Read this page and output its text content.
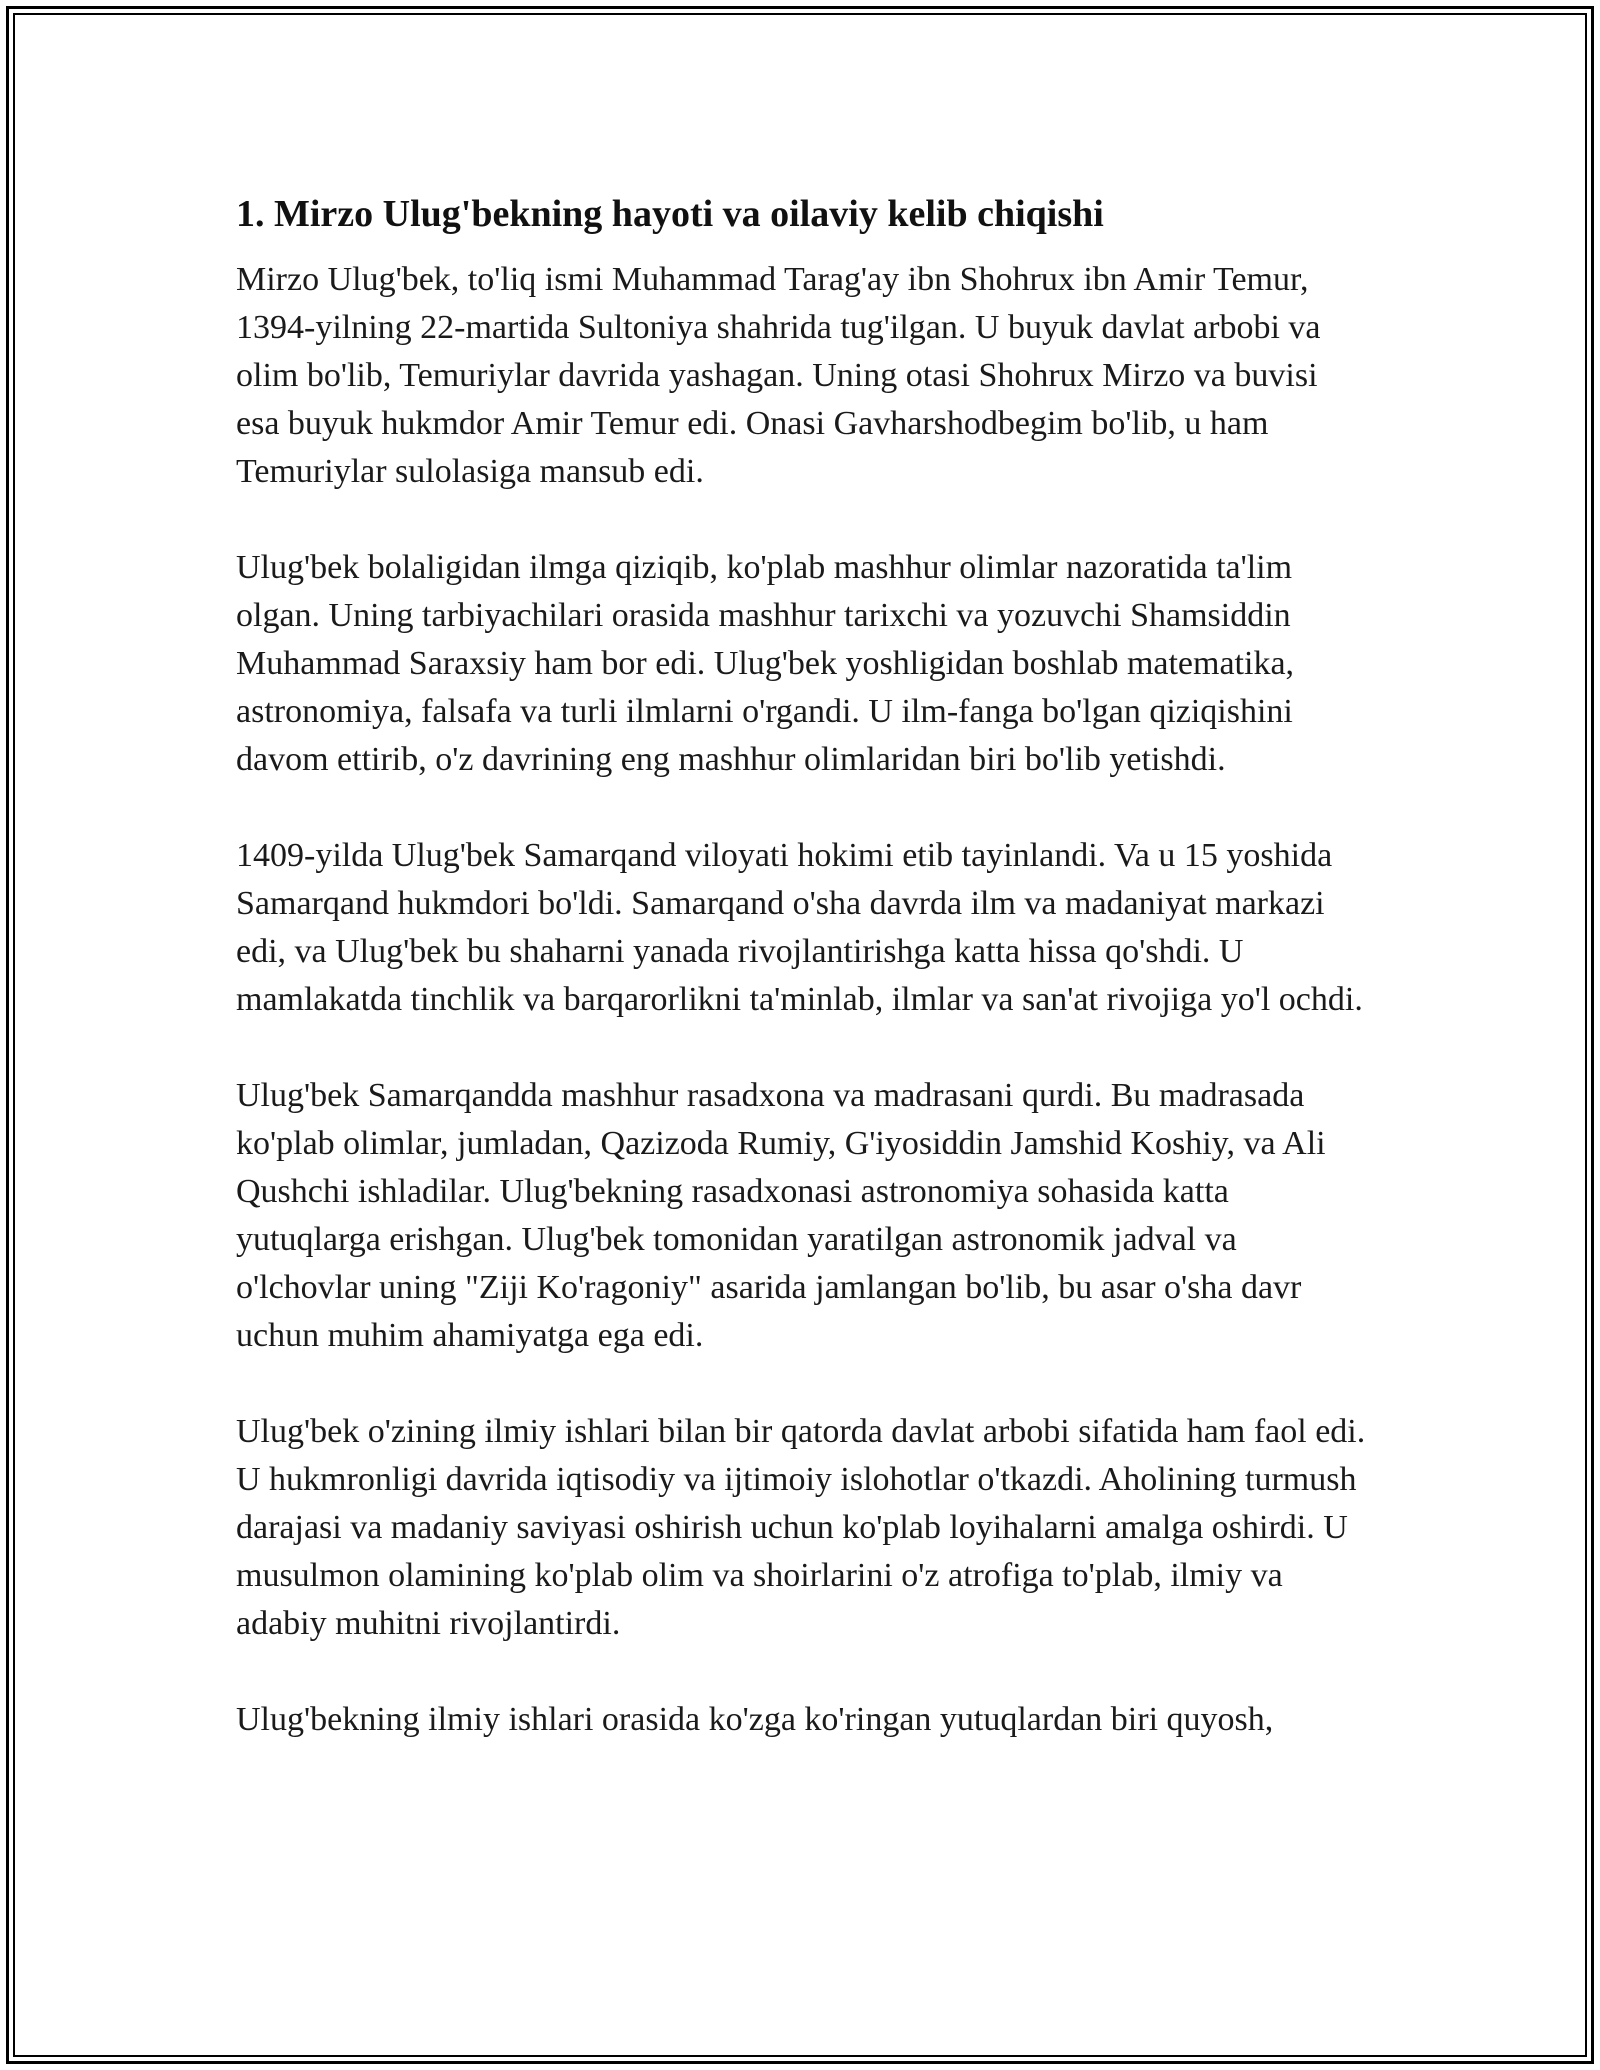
1. Mirzo Ulug'bekning hayoti va oilaviy kelib chiqishi

Mirzo Ulug'bek, to'liq ismi Muhammad Tarag'ay ibn Shohrux ibn Amir Temur, 1394-yilning 22-martida Sultoniya shahrida tug'ilgan. U buyuk davlat arbobi va olim bo'lib, Temuriylar davrida yashagan. Uning otasi Shohrux Mirzo va buvisi esa buyuk hukmdor Amir Temur edi. Onasi Gavharshodbegim bo'lib, u ham Temuriylar sulolasiga mansub edi.

Ulug'bek bolaligidan ilmga qiziqib, ko'plab mashhur olimlar nazoratida ta'lim olgan. Uning tarbiyachilari orasida mashhur tarixchi va yozuvchi Shamsiddin Muhammad Saraxsiy ham bor edi. Ulug'bek yoshligidan boshlab matematika, astronomiya, falsafa va turli ilmlarni o'rgandi. U ilm-fanga bo'lgan qiziqishini davom ettirib, o'z davrining eng mashhur olimlaridan biri bo'lib yetishdi.

1409-yilda Ulug'bek Samarqand viloyati hokimi etib tayinlandi. Va u 15 yoshida Samarqand hukmdori bo'ldi. Samarqand o'sha davrda ilm va madaniyat markazi edi, va Ulug'bek bu shaharni yanada rivojlantirishga katta hissa qo'shdi. U mamlakatda tinchlik va barqarorlikni ta'minlab, ilmlar va san'at rivojiga yo'l ochdi.

Ulug'bek Samarqandda mashhur rasadxona va madrasani qurdi. Bu madrasada ko'plab olimlar, jumladan, Qazizoda Rumiy, G'iyosiddin Jamshid Koshiy, va Ali Qushchi ishladilar. Ulug'bekning rasadxonasi astronomiya sohasida katta yutuqlarga erishgan. Ulug'bek tomonidan yaratilgan astronomik jadval va o'lchovlar uning "Ziji Ko'ragoniy" asarida jamlangan bo'lib, bu asar o'sha davr uchun muhim ahamiyatga ega edi.

Ulug'bek o'zining ilmiy ishlari bilan bir qatorda davlat arbobi sifatida ham faol edi. U hukmronligi davrida iqtisodiy va ijtimoiy islohotlar o'tkazdi. Aholining turmush darajasi va madaniy saviyasi oshirish uchun ko'plab loyihalarni amalga oshirdi. U musulmon olamining ko'plab olim va shoirlarini o'z atrofiga to'plab, ilmiy va adabiy muhitni rivojlantirdi.

Ulug'bekning ilmiy ishlari orasida ko'zga ko'ringan yutuqlardan biri quyosh,
